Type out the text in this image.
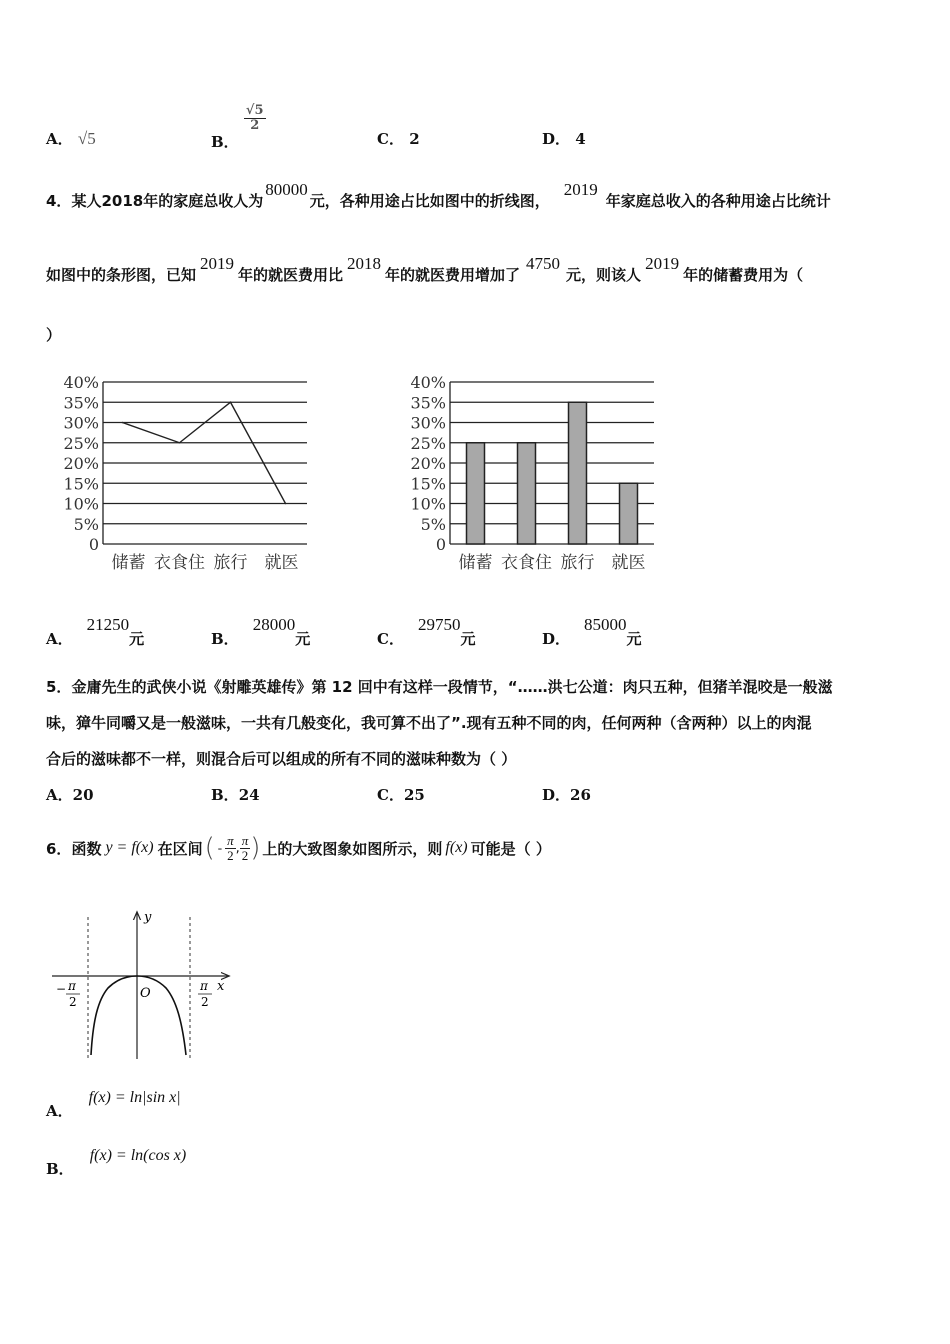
A． √5	B．
$\frac{√5}{2}$
C． 2	D． 4
4．某人2018年的家庭总收人为80000元，各种用途占比如图中的折线图，2019年家庭总收入的各种用途占比统计
如图中的条形图，已知2019年的就医费用比2018年的就医费用增加了4750元，则该人2019年的储蓄费用为（
）
0
5%
10%
15%
20%
25%
30%
35%
40%
储蓄 衣食住 旅行 就医
0
5%
10%
15%
20%
25%
30%
35%
40%
储蓄 衣食住 旅行 就医
A．21250元	B．28000元	C．29750元	D．85000元
5．金庸先生的武侠小说《射雕英雄传》第 12 回中有这样一段情节，“……洪七公道：肉只五种，但猪羊混咬是一般滋
味，獐牛同嚼又是一般滋味，一共有几般变化，我可算不出了”.现有五种不同的肉，任何两种（含两种）以上的肉混
合后的滋味都不一样，则混合后可以组成的所有不同的滋味种数为（ ）
A．20	B．24	C．25	D．26
6． 函数 y = f(x) 在区间 ( - $\frac{\pi}{2}$ , $\frac{\pi}{2}$ ) 上的大致图象如图所示，则 f(x) 可能是（ ）
y
x
O
− π
2
π
2
A．f(x) = ln|sin x|
B．f(x) = ln(cos x)
